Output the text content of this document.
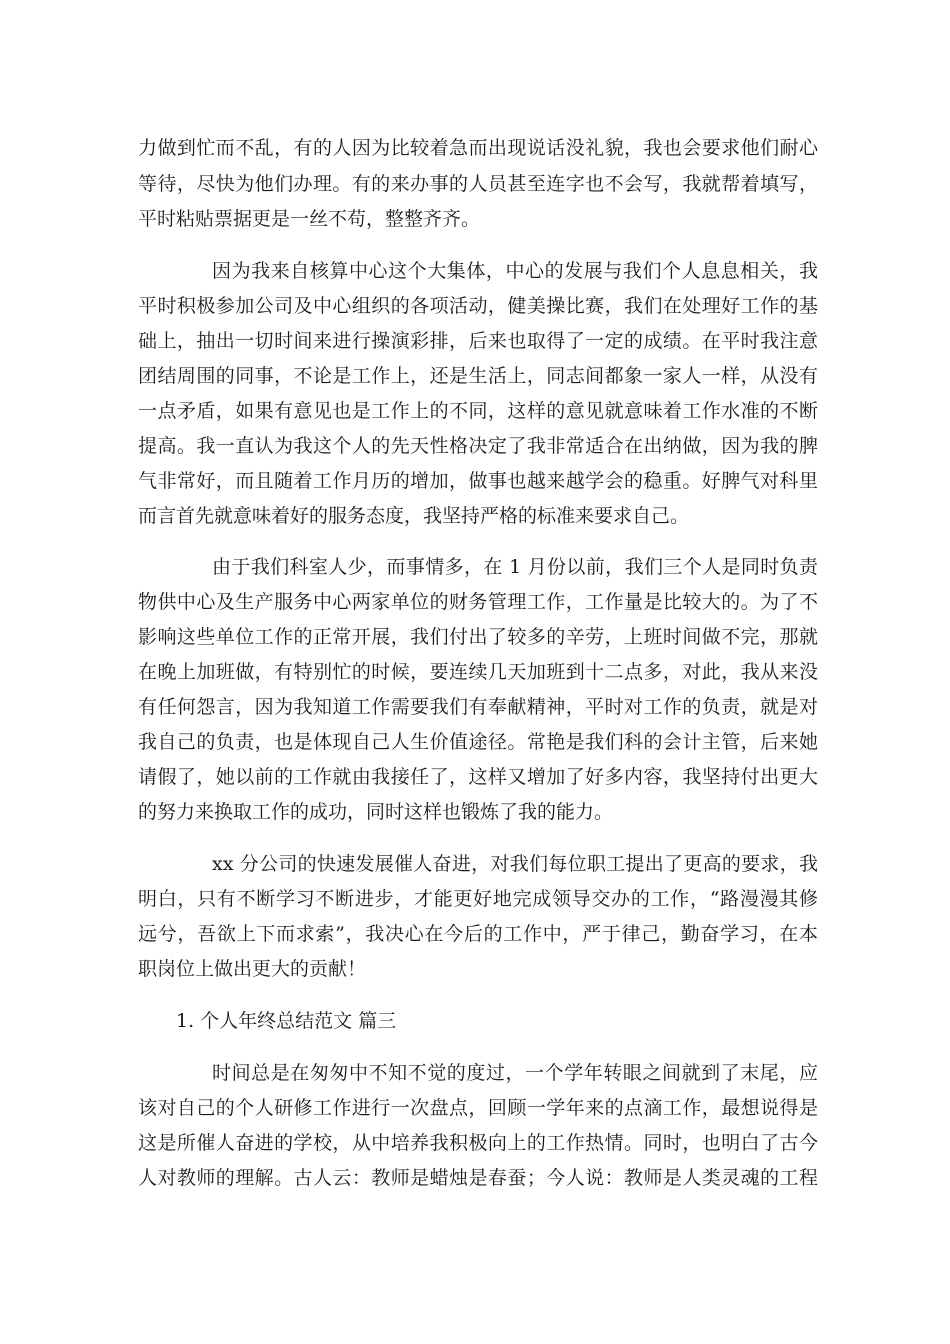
力做到忙而不乱，有的人因为比较着急而出现说话没礼貌，我也会要求他们耐心
等待，尽快为他们办理。有的来办事的人员甚至连字也不会写，我就帮着填写，
平时粘贴票据更是一丝不苟，整整齐齐。
因为我来自核算中心这个大集体，中心的发展与我们个人息息相关，我
平时积极参加公司及中心组织的各项活动，健美操比赛，我们在处理好工作的基
础上，抽出一切时间来进行操演彩排，后来也取得了一定的成绩。在平时我注意
团结周围的同事，不论是工作上，还是生活上，同志间都象一家人一样，从没有
一点矛盾，如果有意见也是工作上的不同，这样的意见就意味着工作水准的不断
提高。我一直认为我这个人的先天性格决定了我非常适合在出纳做，因为我的脾
气非常好，而且随着工作月历的增加，做事也越来越学会的稳重。好脾气对科里
而言首先就意味着好的服务态度，我坚持严格的标准来要求自己。
由于我们科室人少，而事情多，在 1 月份以前，我们三个人是同时负责
物供中心及生产服务中心两家单位的财务管理工作，工作量是比较大的。为了不
影响这些单位工作的正常开展，我们付出了较多的辛劳，上班时间做不完，那就
在晚上加班做，有特别忙的时候，要连续几天加班到十二点多，对此，我从来没
有任何怨言，因为我知道工作需要我们有奉献精神，平时对工作的负责，就是对
我自己的负责，也是体现自己人生价值途径。常艳是我们科的会计主管，后来她
请假了，她以前的工作就由我接任了，这样又增加了好多内容，我坚持付出更大
的努力来换取工作的成功，同时这样也锻炼了我的能力。
xx 分公司的快速发展催人奋进，对我们每位职工提出了更高的要求，我
明白，只有不断学习不断进步，才能更好地完成领导交办的工作，“路漫漫其修
远兮，吾欲上下而求索”，我决心在今后的工作中，严于律己，勤奋学习，在本
职岗位上做出更大的贡献！
1. 个人年终总结范文 篇三
时间总是在匆匆中不知不觉的度过，一个学年转眼之间就到了末尾，应
该对自己的个人研修工作进行一次盘点，回顾一学年来的点滴工作，最想说得是
这是所催人奋进的学校，从中培养我积极向上的工作热情。同时，也明白了古今
人对教师的理解。古人云：教师是蜡烛是春蚕；今人说：教师是人类灵魂的工程
